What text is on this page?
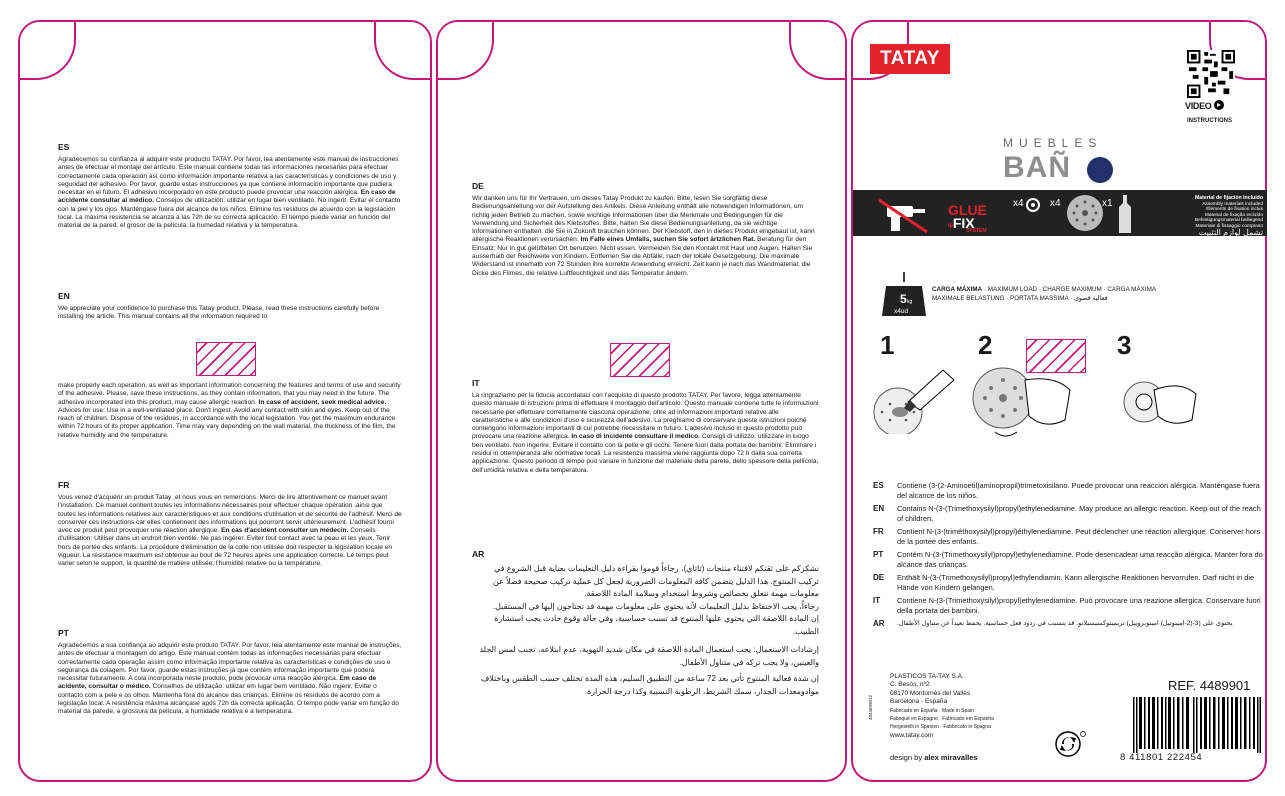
ES

Agradecemos su confianza al adquirir este producto TATAY. Por favor, lea atentamente este manual de instrucciones antes de efectuar el montaje del artículo. Este manual contiene todas las informaciones necesarias para efectuar correctamente cada operación así como información importante relativa a las características y condiciones de uso y seguridad del adhesivo. Por favor, guarde estas instrucciones ya que contiene información importante que pudiera necesitar en el futuro. El adhesivo incorporado en este producto puede provocar una reacción alérgica. En caso de accidente consultar al médico. Consejos de utilización: utilizar en lugar bien ventilado. No ingerir. Evitar el contacto con la piel y los ojos. Manténgase fuera del alcance de los niños. Elimine los residuos de acuerdo con la legislación local. La máxima resistencia se alcanza a las 72h de su correcta aplicación. El tiempo puede variar en función del material de la pared, el grosor de la película, la humedad relativa y la temperatura.

EN

We appreciate your confidence to purchase this Tatay product. Please, read these instructions carefully before installing the article. This manual contains all the information required to

make properly each operation, as well as important information concerning the features and terms of use and security of the adhesive. Please, save these instructions, as they contain information, that you may need in the future. The adhesive incorporated into this product, may cause allergic reaction. In case of accident, seek medical advice. Advices for use: Use in a well-ventilated place. Don't ingest. Avoid any contact with skin and eyes. Keep out of the reach of children. Dispose of the residues, in accordance with the local legislation. You get the maximum endurance within 72 hours of its proper application. Time may vary depending on the wall material, the thickness of the film, the relative humidity and the temperature.

FR

Vous venez d'acquérir un produit Tatay ,et nous vous en remercions. Merci de lire attentivement ce manuel avant l'installation. Ce manuel contient toutes les informations nécessaires pour effectuer chaque opération ,ainsi que toutes les informations relatives aux caractéristiques et aux conditions d'utilisation et de sécurité de l'adhésif. Merci de conserver ces instructions car elles contiennent des informations qui pourront servir ultérieurement. L'adhésif fourni avec ce produit peut provoquer une réaction allergique. En cas d'accident consulter un médecin. Conseils d'utilisation: Utiliser dans un endroit bien ventilé. Ne pas ingérer. Eviter tout contact avec la peau et les yeux. Tenir hors de portée des enfants. La procédure d'élimination de la colle non utilisée doit respecter la législation locale en vigueur. La résistance maximum est obtenue au bout de 72 heures après une application correcte. Le temps peut varier selon le support, la quantité de matière utilisée, l'humidité relative ou la température.

PT

Agradecemos a sua confiança ao adquirir este produto TATAY. Por favor, leia atentamente este manual de instruções, antes de efectuar a montagem do artigo. Este manual contém todas as informações necessárias para efectuar correctamente cada operação assim como informação importante relativa às características e condições de uso e segurança da colagem. Por favor, guarde estas instruções já que contém informação importante que poderá necessitar futuramente. A cola incorporada neste produto, pode provocar uma reacção alérgica. Em caso de acidente, consultar o médico. Conselhos de utilização: utilizar em lugar bem ventilado. Não ingerir. Evitar o contacto com a pele e os olhos. Mantenha fora do alcance das crianças. Elimine os resíduos de acordo com a legislação local. A resistência máxima alcançase após 72h da correcta aplicação. O tempo pode variar em função do material da parede, a grossura da película, a humidade relativa e a temperatura.

DE

Wir danken uns für Ihr Vertrauen, um dieses Tatay Produkt zu kaufen. Bitte, lesen Sie sorgfältig diese Bedienungsanleitung vor der Aufstellung des Artikels. Diese Anleitung enthält alle notwendigen Informationen, um richtig jeden Betrieb zu machen, sowie wichtige Informationen über die Merkmale und Bedingungen für die Verwendung und Sicherheit des Klebstoffes. Bitte, halten Sie diese Bedienungsanleitung, da sie wichtige Informationen enthalten, die Sie in Zukunft brauchen können. Der Klebstoff, den in dieses Produkt eingebaut ist, kann allergische Reaktionen verursachen. Im Falle eines Umfalls, suchen Sie sofort ärtzlichen Rat. Beratung für den Einsatz: Nur in gut gelüfteten Ort benutzen. Nicht essen. Vermeiden Sie den Kontakt mit Haut und Augen. Halten Sie ausserhalb der Reichweite von Kindern. Entfernen Sie die Abfälle, nach der lokale Gesetzgebung. Die maximale Widerstand ist innerhalb von 72 Stunden ihre korrekte Anwendung erreicht. Zeit kann je nach das Wandmaterial, die Dicke des Filmes, die relative Luftfeuchtigkeit und das Temperatur ändern.

IT

La ringraziamo per la fiducia accordataci con l'acquisto di questo prodotto TATAY. Per favore, legga attentamente questo manuale di istruzioni prima di effettuare il montaggio dell'articolo. Questo manuale contiene tutte le informazioni necessarie per effettuare correttamente ciascuna operazione, oltre ad informazioni importanti relative alle caratteristiche e alle condizioni d'uso e sicurezza dell'adesivo. La preghiamo di conservare queste istruzioni poiché contengono informazioni importanti di cui potrebbe necessitare in futuro. L'adesivo incluso in questo prodotto può provocare una reazione allergica. In caso di incidente consultare il medico. Consigli di utilizzo: utilizzare in luogo ben ventilato. Non ingerire. Evitare il contatto con la pelle e gli occhi. Tenere fuori dalla portata dei bambini. Eliminare i residui in ottemperanza alle normative locali. La resistenza massima viene raggiunta dopo 72 h dalla sua corretta applicazione. Questo periodo di tempo può variare in funzione del materiale della parete, dello spessore della pellicola, dell'umidità relativa e della temperatura.

AR

نشكركم على ثقتكم لاقتناء منتجات (تاتاي)، رجاءاً قوموا بقراءة دليل التعليمات بعناية قبل الشروع في تركيب المنتوج. هذا الدليل يتضمن كافة المعلومات الضرورية لجعل كل عملية تركيب صحيحة فضلاً عن معلومات مهمة تتعلق بخصائص وشروط استخدام وسلامة المادة اللاصقة.

رجاءاً، يجب الاحتفاظ بدليل التعليمات لأنه يحتوي على معلومات مهمة قد تحتاجون إليها في المستقبل.

إن المادة اللاصقة التي يحتوي عليها المنتوج قد تسبب حساسية، وفي حالة وقوع حادث يجب استشارة الطبيب.

إرشادات الاستعمال: يجب استعمال المادة اللاصقة في مكان شديد التهوية، عدم ابتلاعه، تجنب لمس الجلد والعينين، ولا يجب تركه في متناول الأطفال.

إن شدة فعالية المنتوج تأتي بعد 72 ساعة من التطبيق السليم، هذه المدة تختلف حسب الطقس وباختلاف موادومعدات الجدار، سمك الشريط، الرطوبة النسبية وكذا درجة الحرارة.

TATAY
VIDEO
INSTRUCTIONS
MUEBLES
BAÑ
GLUE
ΨFIX
SYSTEM
x4	x4	x1	Material de fijación incluido
Assembly materials included
Éléments de fixation inclus
Material de fixação incluído
Befestigungsmaterial beiliegend
Materiale di fissaggio compreso
تشمل لوازم التثبيت
5 kg
x4ud
CARGA MÁXIMA · MAXIMUM LOAD · CHARGE MAXIMUM · CARGA MÁXIMA
MAXIMALE BELASTUNG · PORTATA MASSIMA · فعالية قصوى
1	2	3
ES	Contiene (3-(2-Aminoetil)aminopropil)trimetoxisilano. Puede provocar una reacción alérgica. Manténgase fuera del alcance de los niños.
EN	Contains N-(3-(Trimethoxysilyl)propyl)ethylenediamine. May produce an allergic reaction. Keep out of the reach of children.
FR	Contient N-(3-(triméthoxysilyl)propyl)éthylenediamine. Peut déclencher une réaction allergique. Conserver hors de la portée des enfants.
PT	Contém N-(3-(Trimethoxysilyl)propyl)ethylenediamine. Pode desencadear uma reacção alérgica. Manter fora do alcance das crianças.
DE	Enthält N-(3-(Trimethoxysilyl)propyl)ethylendiamin. Kann allergische Reaktionen hervorrufen. Darf nicht in die Hände von Kindern gelangen.
IT	Contiene N-(3-(Trimethoxysilyl)propyl)ethylenediamine. Può provocare una reazione allergica. Conservare fuori della portata dei bambini.
AR	يحتوي على (3-(2-امينوتيل) امينوبروبيل) تريميثوكسيسيلانو. قد يتسبب في ردود فعل حساسية. يحفظ بعيداً عن متناول الأطفال.
PLASTICOS TA-TAY S.A.
C. Besòs, nº2
08170 Montornès del Vallès
Barcelona - España
Fabricado en España · Made in Spain
Fabriqué en Espagne · Fabricado em Espanha
Hergestellt in Spanien · Fabbricato in Spagna
www.tatay.com
4344899012
design by alex miravalles
REF. 4489901
8 411801 222454
